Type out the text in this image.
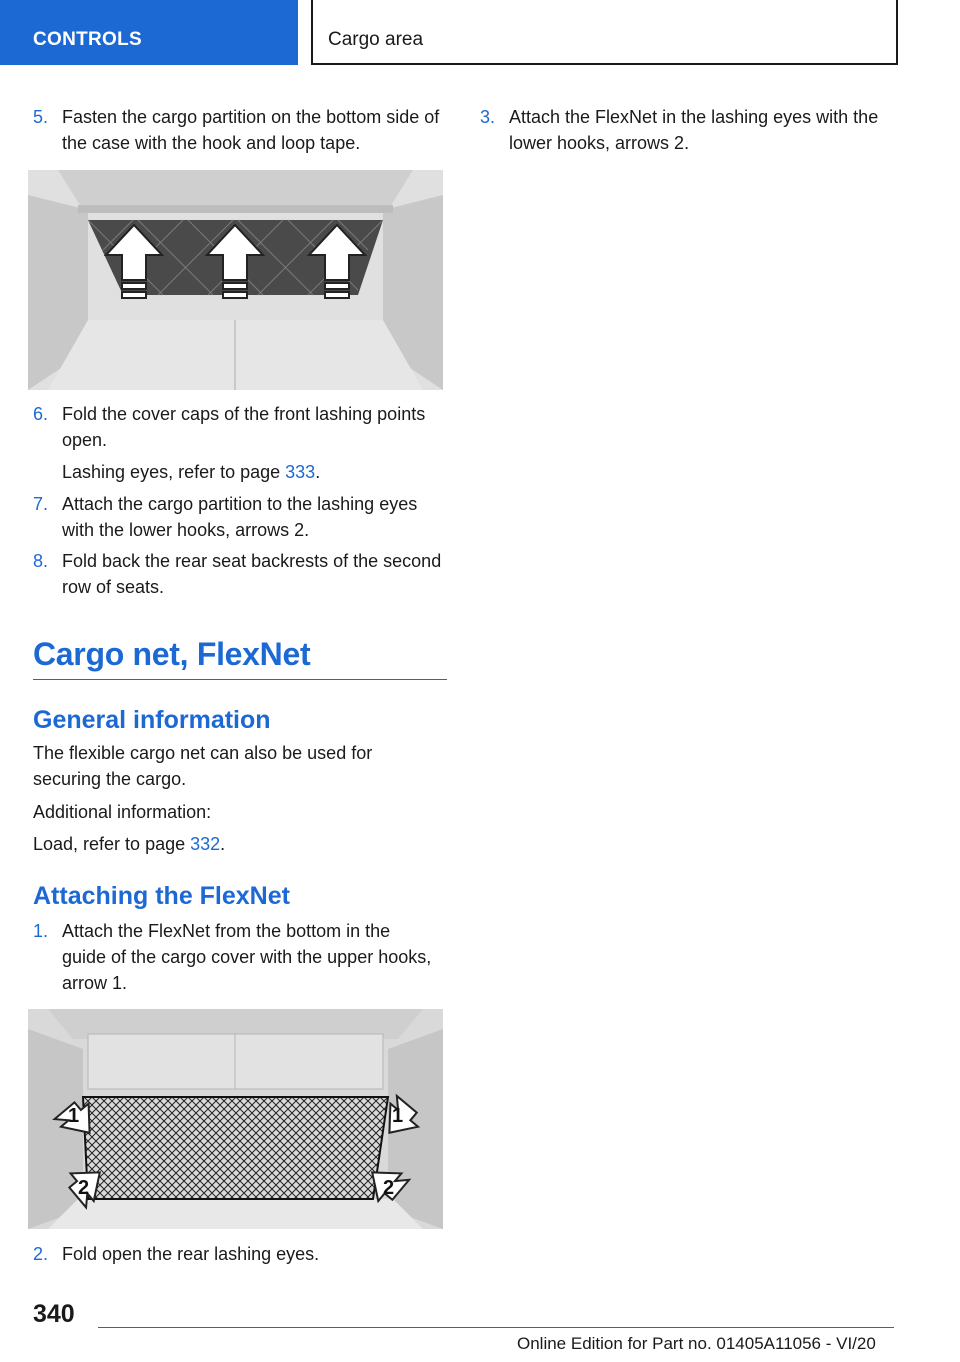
CONTROLS	Cargo area
5. Fasten the cargo partition on the bottom side of the case with the hook and loop tape.
6. Fold the cover caps of the front lashing points open.
Lashing eyes, refer to page 333.
7. Attach the cargo partition to the lashing eyes with the lower hooks, arrows 2.
8. Fold back the rear seat backrests of the second row of seats.
Cargo net, FlexNet
General information
The flexible cargo net can also be used for securing the cargo.
Additional information:
Load, refer to page 332.
Attaching the FlexNet
1. Attach the FlexNet from the bottom in the guide of the cargo cover with the upper hooks, arrow 1.
1	1
2	2
2. Fold open the rear lashing eyes.
3. Attach the FlexNet in the lashing eyes with the lower hooks, arrows 2.
340
Online Edition for Part no. 01405A11056 - VI/20
